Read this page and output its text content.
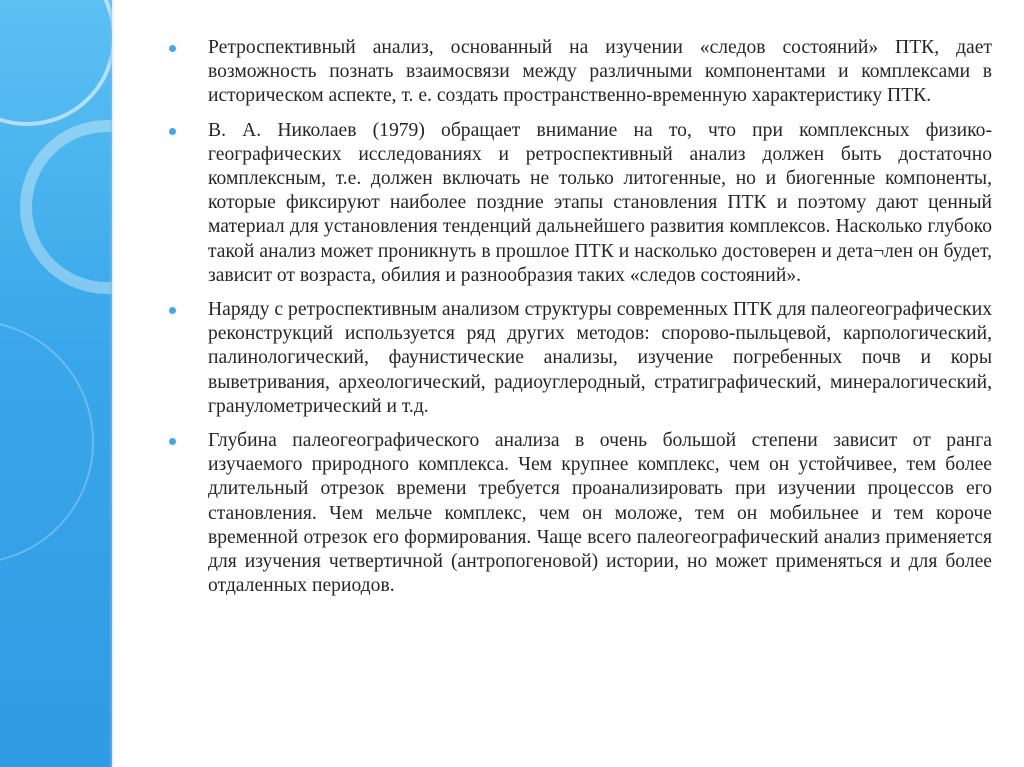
Ретроспективный анализ, основанный на изучении «следов состояний» ПТК, дает возможность познать взаимосвязи между различными компонентами и комплексами в историческом аспекте, т. е. создать пространственно-временную характеристику ПТК.
В. А. Николаев (1979) обращает внимание на то, что при комплексных физико-географических исследованиях и ретроспективный анализ должен быть достаточно комплексным, т.е. должен включать не только литогенные, но и биогенные компоненты, которые фиксируют наиболее поздние этапы становления ПТК и поэтому дают ценный материал для установления тенденций дальнейшего развития комплексов. Насколько глубоко такой анализ может проникнуть в прошлое ПТК и насколько достоверен и дета¬лен он будет, зависит от возраста, обилия и разнообразия таких «следов состояний».
Наряду с ретроспективным анализом структуры современных ПТК для палеогеографических реконструкций используется ряд других методов: спорово-пыльцевой, карпологический, палинологический, фаунистические анализы, изучение погребенных почв и коры выветривания, археологический, радиоуглеродный, стратиграфический, минералогический, гранулометрический и т.д.
Глубина палеогеографического анализа в очень большой степени зависит от ранга изучаемого природного комплекса. Чем крупнее комплекс, чем он устойчивее, тем более длительный отрезок времени требуется проанализировать при изучении процессов его становления. Чем мельче комплекс, чем он моложе, тем он мобильнее и тем короче временной отрезок его формирования. Чаще всего палеогеографический анализ применяется для изучения четвертичной (антропогеновой) истории, но может применяться и для более отдаленных периодов.
